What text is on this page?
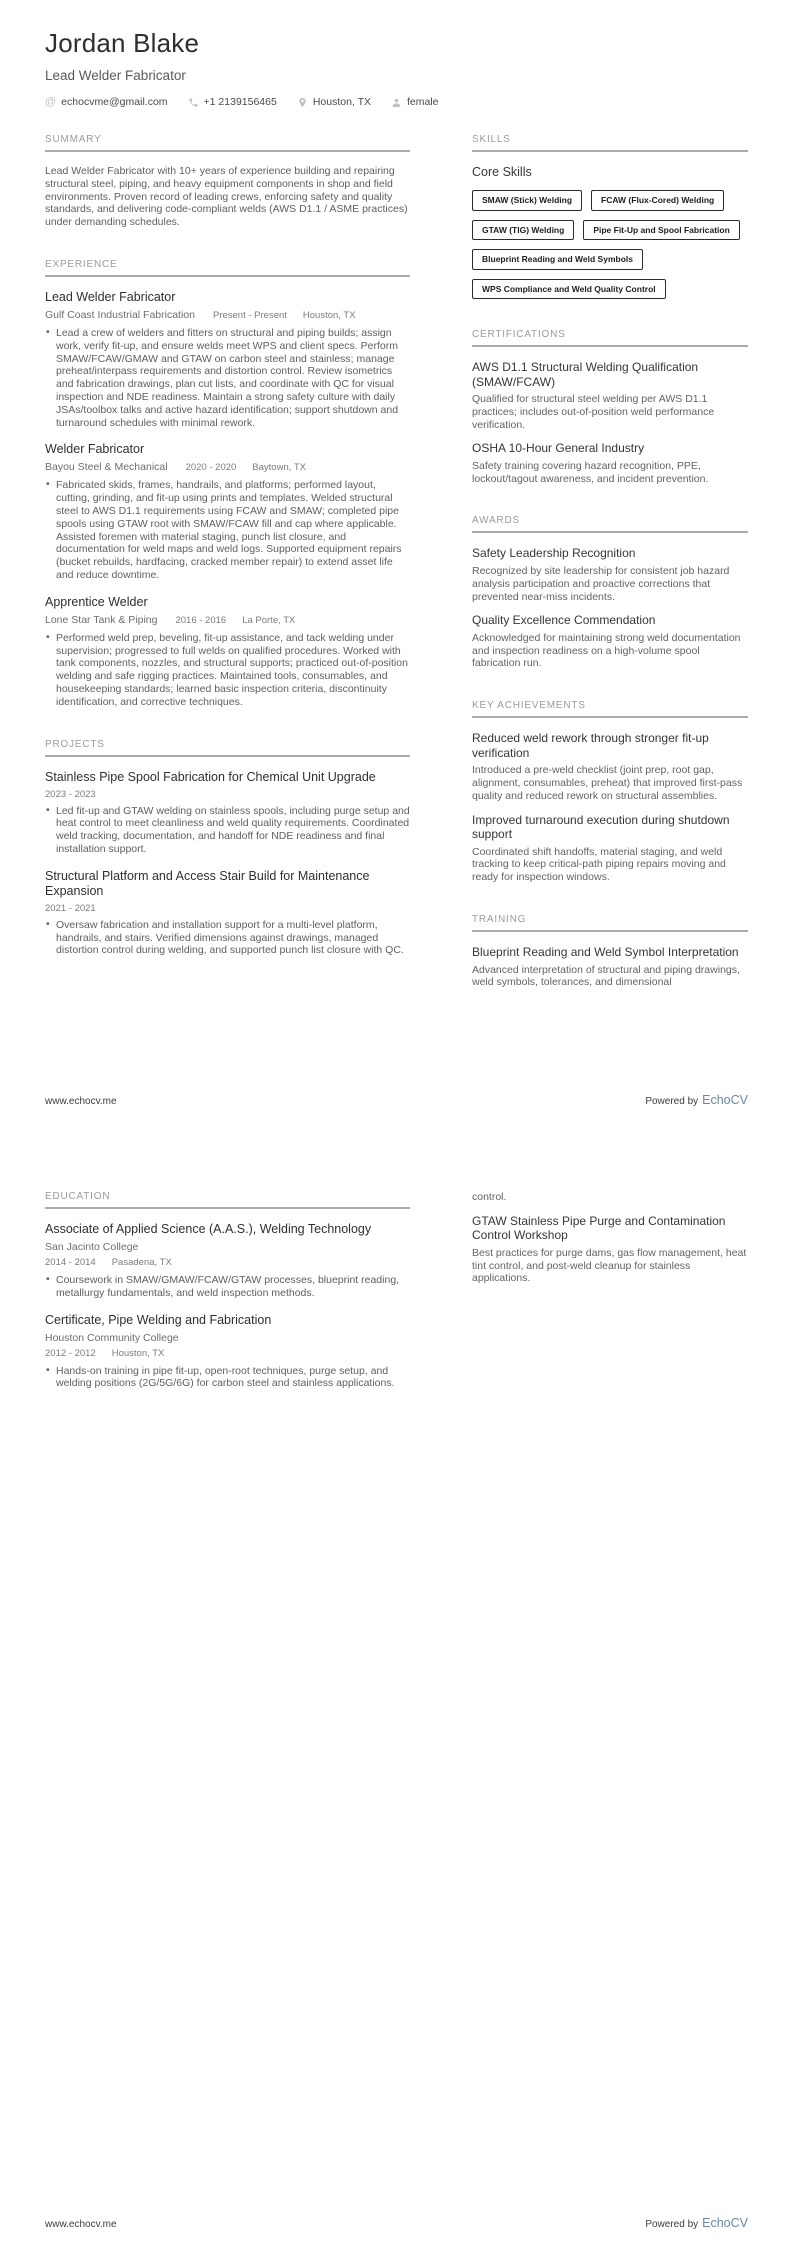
Jordan Blake
Lead Welder Fabricator
@ echocvme@gmail.com	+1 2139156465	Houston, TX	female
SUMMARY

Lead Welder Fabricator with 10+ years of experience building and repairing structural steel, piping, and heavy equipment components in shop and field environments. Proven record of leading crews, enforcing safety and quality standards, and delivering code-compliant welds (AWS D1.1 / ASME practices) under demanding schedules.

EXPERIENCE
Lead Welder Fabricator
Gulf Coast Industrial Fabrication Present - Present Houston, TX
• Lead a crew of welders and fitters on structural and piping builds; assign work, verify fit-up, and ensure welds meet WPS and client specs. Perform SMAW/FCAW/GMAW and GTAW on carbon steel and stainless; manage preheat/interpass requirements and distortion control. Review isometrics and fabrication drawings, plan cut lists, and coordinate with QC for visual inspection and NDE readiness. Maintain a strong safety culture with daily JSAs/toolbox talks and active hazard identification; support shutdown and turnaround schedules with minimal rework.
Welder Fabricator
Bayou Steel & Mechanical 2020 - 2020 Baytown, TX
• Fabricated skids, frames, handrails, and platforms; performed layout, cutting, grinding, and fit-up using prints and templates. Welded structural steel to AWS D1.1 requirements using FCAW and SMAW; completed pipe spools using GTAW root with SMAW/FCAW fill and cap where applicable. Assisted foremen with material staging, punch list closure, and documentation for weld maps and weld logs. Supported equipment repairs (bucket rebuilds, hardfacing, cracked member repair) to extend asset life and reduce downtime.
Apprentice Welder
Lone Star Tank & Piping 2016 - 2016 La Porte, TX
• Performed weld prep, beveling, fit-up assistance, and tack welding under supervision; progressed to full welds on qualified procedures. Worked with tank components, nozzles, and structural supports; practiced out-of-position welding and safe rigging practices. Maintained tools, consumables, and housekeeping standards; learned basic inspection criteria, discontinuity identification, and corrective techniques.
PROJECTS
Stainless Pipe Spool Fabrication for Chemical Unit Upgrade
2023 - 2023
• Led fit-up and GTAW welding on stainless spools, including purge setup and heat control to meet cleanliness and weld quality requirements. Coordinated weld tracking, documentation, and handoff for NDE readiness and final installation support.
Structural Platform and Access Stair Build for Maintenance Expansion
2021 - 2021
• Oversaw fabrication and installation support for a multi-level platform, handrails, and stairs. Verified dimensions against drawings, managed distortion control during welding, and supported punch list closure with QC.
SKILLS
Core Skills
SMAW (Stick) Welding	FCAW (Flux-Cored) Welding
GTAW (TIG) Welding	Pipe Fit-Up and Spool Fabrication
Blueprint Reading and Weld Symbols
WPS Compliance and Weld Quality Control
CERTIFICATIONS
AWS D1.1 Structural Welding Qualification (SMAW/FCAW)

Qualified for structural steel welding per AWS D1.1 practices; includes out-of-position weld performance verification.

OSHA 10-Hour General Industry

Safety training covering hazard recognition, PPE, lockout/tagout awareness, and incident prevention.

AWARDS
Safety Leadership Recognition

Recognized by site leadership for consistent job hazard analysis participation and proactive corrections that prevented near-miss incidents.

Quality Excellence Commendation

Acknowledged for maintaining strong weld documentation and inspection readiness on a high-volume spool fabrication run.

KEY ACHIEVEMENTS
Reduced weld rework through stronger fit-up verification

Introduced a pre-weld checklist (joint prep, root gap, alignment, consumables, preheat) that improved first-pass quality and reduced rework on structural assemblies.

Improved turnaround execution during shutdown support

Coordinated shift handoffs, material staging, and weld tracking to keep critical-path piping repairs moving and ready for inspection windows.

TRAINING
Blueprint Reading and Weld Symbol Interpretation

Advanced interpretation of structural and piping drawings, weld symbols, tolerances, and dimensional

www.echocv.me	Powered by EchoCV
EDUCATION
Associate of Applied Science (A.A.S.), Welding Technology
San Jacinto College
2014 - 2014 Pasadena, TX
• Coursework in SMAW/GMAW/FCAW/GTAW processes, blueprint reading, metallurgy fundamentals, and weld inspection methods.
Certificate, Pipe Welding and Fabrication
Houston Community College
2012 - 2012 Houston, TX
• Hands-on training in pipe fit-up, open-root techniques, purge setup, and welding positions (2G/5G/6G) for carbon steel and stainless applications.

control.

GTAW Stainless Pipe Purge and Contamination Control Workshop

Best practices for purge dams, gas flow management, heat tint control, and post-weld cleanup for stainless applications.

www.echocv.me	Powered by EchoCV
